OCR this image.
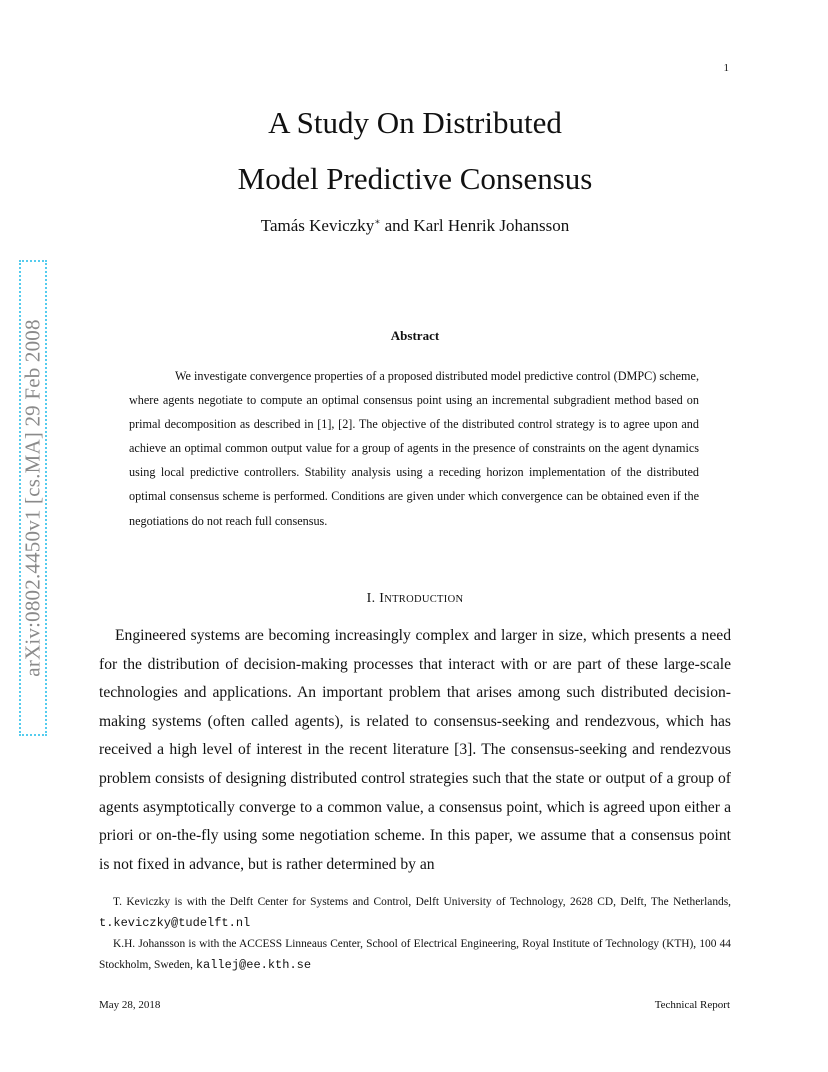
1
arXiv:0802.4450v1 [cs.MA] 29 Feb 2008
A Study On Distributed
Model Predictive Consensus
Tamás Keviczky∗ and Karl Henrik Johansson
Abstract

We investigate convergence properties of a proposed distributed model predictive control (DMPC) scheme, where agents negotiate to compute an optimal consensus point using an incremental subgradient method based on primal decomposition as described in [1], [2]. The objective of the distributed control strategy is to agree upon and achieve an optimal common output value for a group of agents in the presence of constraints on the agent dynamics using local predictive controllers. Stability analysis using a receding horizon implementation of the distributed optimal consensus scheme is performed. Conditions are given under which convergence can be obtained even if the negotiations do not reach full consensus.

I. INTRODUCTION

Engineered systems are becoming increasingly complex and larger in size, which presents a need for the distribution of decision-making processes that interact with or are part of these large-scale technologies and applications. An important problem that arises among such distributed decision-making systems (often called agents), is related to consensus-seeking and rendezvous, which has received a high level of interest in the recent literature [3]. The consensus-seeking and rendezvous problem consists of designing distributed control strategies such that the state or output of a group of agents asymptotically converge to a common value, a consensus point, which is agreed upon either a priori or on-the-fly using some negotiation scheme. In this paper, we assume that a consensus point is not fixed in advance, but is rather determined by an

T. Keviczky is with the Delft Center for Systems and Control, Delft University of Technology, 2628 CD, Delft, The Netherlands, t.keviczky@tudelft.nl

K.H. Johansson is with the ACCESS Linneaus Center, School of Electrical Engineering, Royal Institute of Technology (KTH), 100 44 Stockholm, Sweden, kallej@ee.kth.se

May 28, 2018	Technical Report
